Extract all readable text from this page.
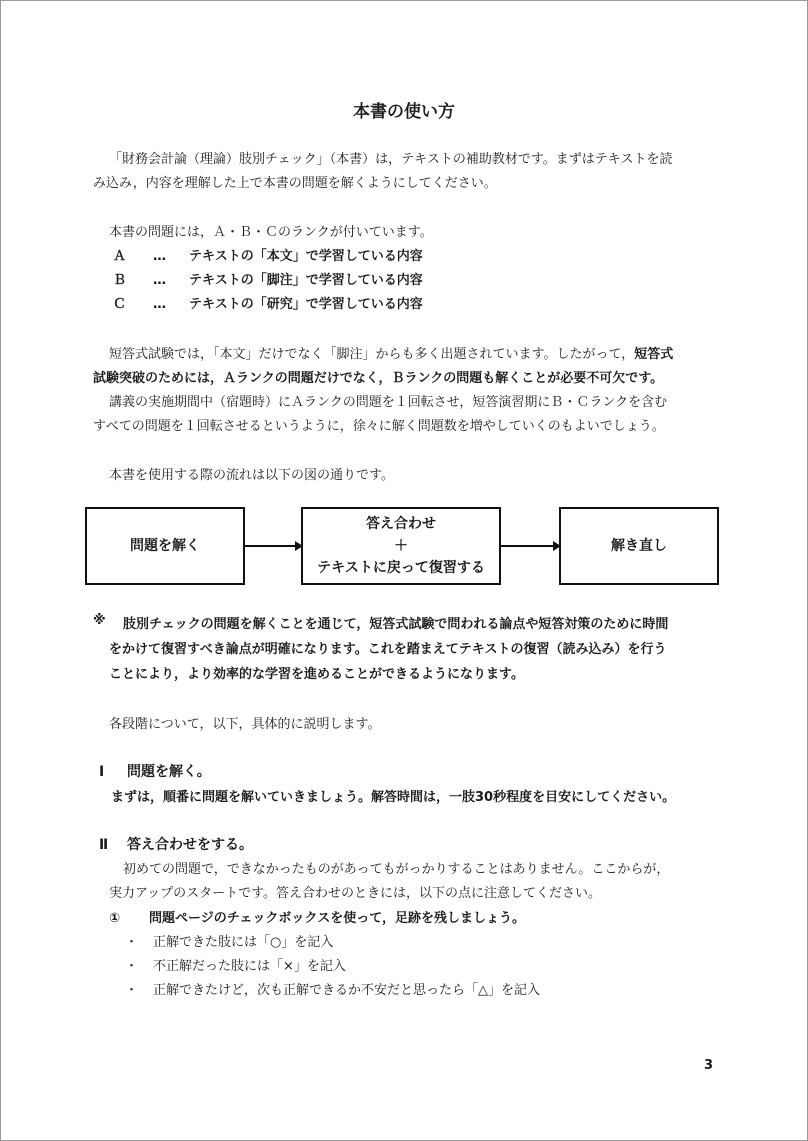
本書の使い方
「財務会計論（理論）肢別チェック」（本書）は，テキストの補助教材です。まずはテキストを読
み込み，内容を理解した上で本書の問題を解くようにしてください。
本書の問題には，Ａ・Ｂ・Ｃのランクが付いています。
Ａ … テキストの「本文」で学習している内容
Ｂ … テキストの「脚注」で学習している内容
Ｃ … テキストの「研究」で学習している内容
短答式試験では，「本文」だけでなく「脚注」からも多く出題されています。したがって，短答式
試験突破のためには，Ａランクの問題だけでなく，Ｂランクの問題も解くことが必要不可欠です。
講義の実施期間中（宿題時）にＡランクの問題を１回転させ，短答演習期にＢ・Ｃランクを含む
すべての問題を１回転させるというように，徐々に解く問題数を増やしていくのもよいでしょう。
本書を使用する際の流れは以下の図の通りです。
問題を解く
答え合わせ
＋
テキストに戻って復習する
解き直し
※ 肢別チェックの問題を解くことを通じて，短答式試験で問われる論点や短答対策のために時間
をかけて復習すべき論点が明確になります。これを踏まえてテキストの復習（読み込み）を行う
ことにより，より効率的な学習を進めることができるようになります。
各段階について，以下，具体的に説明します。
Ⅰ 問題を解く。
まずは，順番に問題を解いていきましょう。解答時間は，一肢30秒程度を目安にしてください。
Ⅱ 答え合わせをする。
初めての問題で，できなかったものがあってもがっかりすることはありません。ここからが，
実力アップのスタートです。答え合わせのときには，以下の点に注意してください。
① 問題ページのチェックボックスを使って，足跡を残しましょう。
・ 正解できた肢には「○」を記入
・ 不正解だった肢には「×」を記入
・ 正解できたけど，次も正解できるか不安だと思ったら「△」を記入
3
